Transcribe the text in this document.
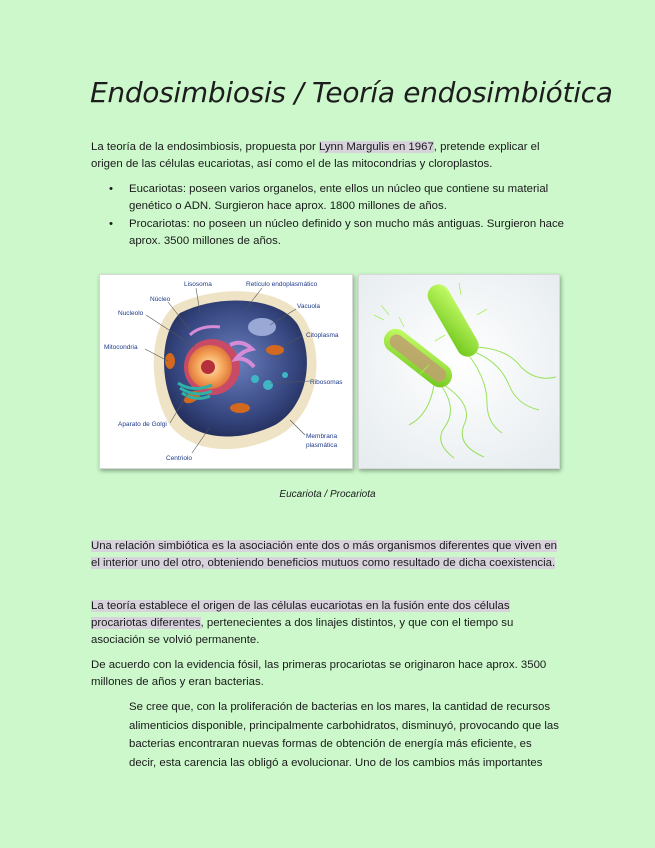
Endosimbiosis / Teoría endosimbiótica

La teoría de la endosimbiosis, propuesta por Lynn Margulis en 1967, pretende explicar el origen de las células eucariotas, así como el de las mitocondrias y cloroplastos.

• Eucariotas: poseen varios organelos, ente ellos un núcleo que contiene su material genético o ADN. Surgieron hace aprox. 1800 millones de años.
• Procariotas: no poseen un núcleo definido y son mucho más antiguas. Surgieron hace aprox. 3500 millones de años.
Lisosoma	Retículo endoplasmático
Núcleo
Nucleolo
Vacuola
Citoplasma
Mitocondria
Ribosomas
Aparato de Golgi
Membrana
plasmática
Centriolo
Eucariota / Procariota

Una relación simbiótica es la asociación ente dos o más organismos diferentes que viven en el interior uno del otro, obteniendo beneficios mutuos como resultado de dicha coexistencia.

La teoría establece el origen de las células eucariotas en la fusión ente dos células procariotas diferentes, pertenecientes a dos linajes distintos, y que con el tiempo su asociación se volvió permanente.

De acuerdo con la evidencia fósil, las primeras procariotas se originaron hace aprox. 3500 millones de años y eran bacterias.

Se cree que, con la proliferación de bacterias en los mares, la cantidad de recursos alimenticios disponible, principalmente carbohidratos, disminuyó, provocando que las bacterias encontraran nuevas formas de obtención de energía más eficiente, es decir, esta carencia las obligó a evolucionar. Uno de los cambios más importantes
